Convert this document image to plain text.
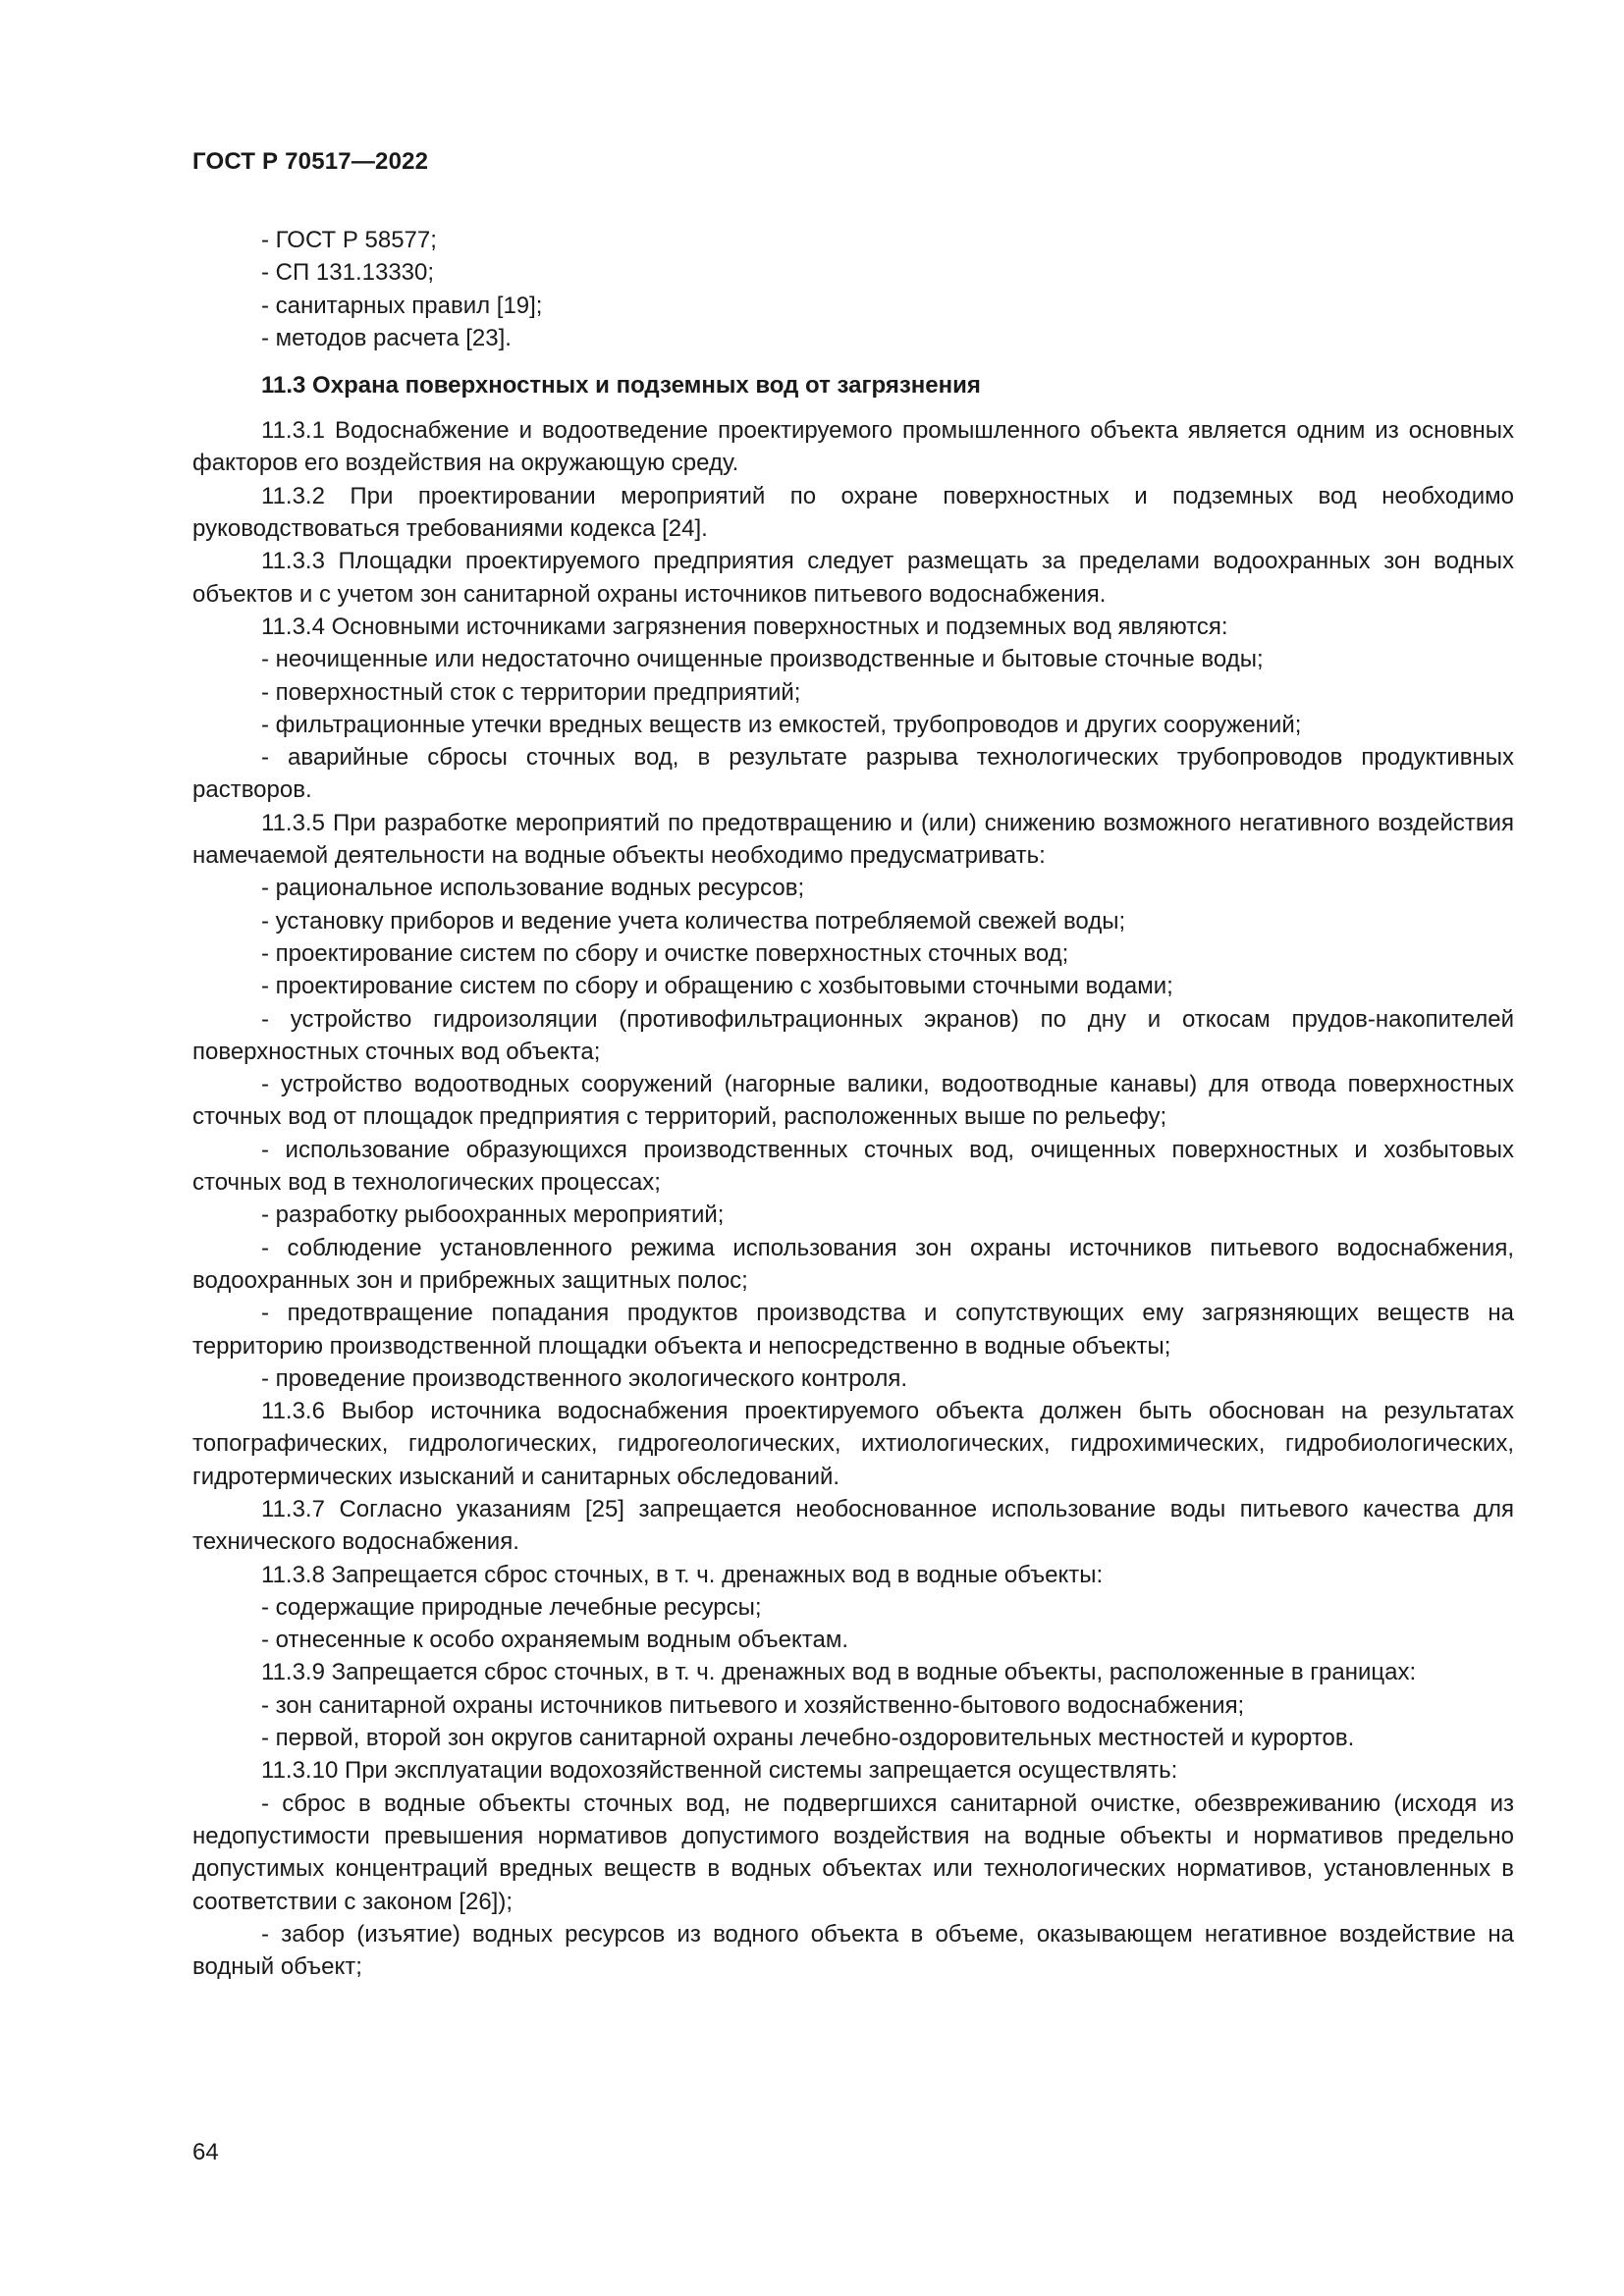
ГОСТ Р 70517—2022

- ГОСТ Р 58577;

- СП 131.13330;

- санитарных правил [19];

- методов расчета [23].

11.3 Охрана поверхностных и подземных вод от загрязнения

11.3.1 Водоснабжение и водоотведение проектируемого промышленного объекта является одним из основных факторов его воздействия на окружающую среду.

11.3.2 При проектировании мероприятий по охране поверхностных и подземных вод необходимо руководствоваться требованиями кодекса [24].

11.3.3 Площадки проектируемого предприятия следует размещать за пределами водоохранных зон водных объектов и с учетом зон санитарной охраны источников питьевого водоснабжения.

11.3.4 Основными источниками загрязнения поверхностных и подземных вод являются:

- неочищенные или недостаточно очищенные производственные и бытовые сточные воды;

- поверхностный сток с территории предприятий;

- фильтрационные утечки вредных веществ из емкостей, трубопроводов и других сооружений;

- аварийные сбросы сточных вод, в результате разрыва технологических трубопроводов продуктивных растворов.

11.3.5 При разработке мероприятий по предотвращению и (или) снижению возможного негативного воздействия намечаемой деятельности на водные объекты необходимо предусматривать:

- рациональное использование водных ресурсов;

- установку приборов и ведение учета количества потребляемой свежей воды;

- проектирование систем по сбору и очистке поверхностных сточных вод;

- проектирование систем по сбору и обращению с хозбытовыми сточными водами;

- устройство гидроизоляции (противофильтрационных экранов) по дну и откосам прудов-накопителей поверхностных сточных вод объекта;

- устройство водоотводных сооружений (нагорные валики, водоотводные канавы) для отвода поверхностных сточных вод от площадок предприятия с территорий, расположенных выше по рельефу;

- использование образующихся производственных сточных вод, очищенных поверхностных и хозбытовых сточных вод в технологических процессах;

- разработку рыбоохранных мероприятий;

- соблюдение установленного режима использования зон охраны источников питьевого водоснабжения, водоохранных зон и прибрежных защитных полос;

- предотвращение попадания продуктов производства и сопутствующих ему загрязняющих веществ на территорию производственной площадки объекта и непосредственно в водные объекты;

- проведение производственного экологического контроля.

11.3.6 Выбор источника водоснабжения проектируемого объекта должен быть обоснован на результатах топографических, гидрологических, гидрогеологических, ихтиологических, гидрохимических, гидробиологических, гидротермических изысканий и санитарных обследований.

11.3.7 Согласно указаниям [25] запрещается необоснованное использование воды питьевого качества для технического водоснабжения.

11.3.8 Запрещается сброс сточных, в т. ч. дренажных вод в водные объекты:

- содержащие природные лечебные ресурсы;

- отнесенные к особо охраняемым водным объектам.

11.3.9 Запрещается сброс сточных, в т. ч. дренажных вод в водные объекты, расположенные в границах:

- зон санитарной охраны источников питьевого и хозяйственно-бытового водоснабжения;

- первой, второй зон округов санитарной охраны лечебно-оздоровительных местностей и курортов.

11.3.10 При эксплуатации водохозяйственной системы запрещается осуществлять:

- сброс в водные объекты сточных вод, не подвергшихся санитарной очистке, обезвреживанию (исходя из недопустимости превышения нормативов допустимого воздействия на водные объекты и нормативов предельно допустимых концентраций вредных веществ в водных объектах или технологических нормативов, установленных в соответствии с законом [26]);

- забор (изъятие) водных ресурсов из водного объекта в объеме, оказывающем негативное воздействие на водный объект;

64
